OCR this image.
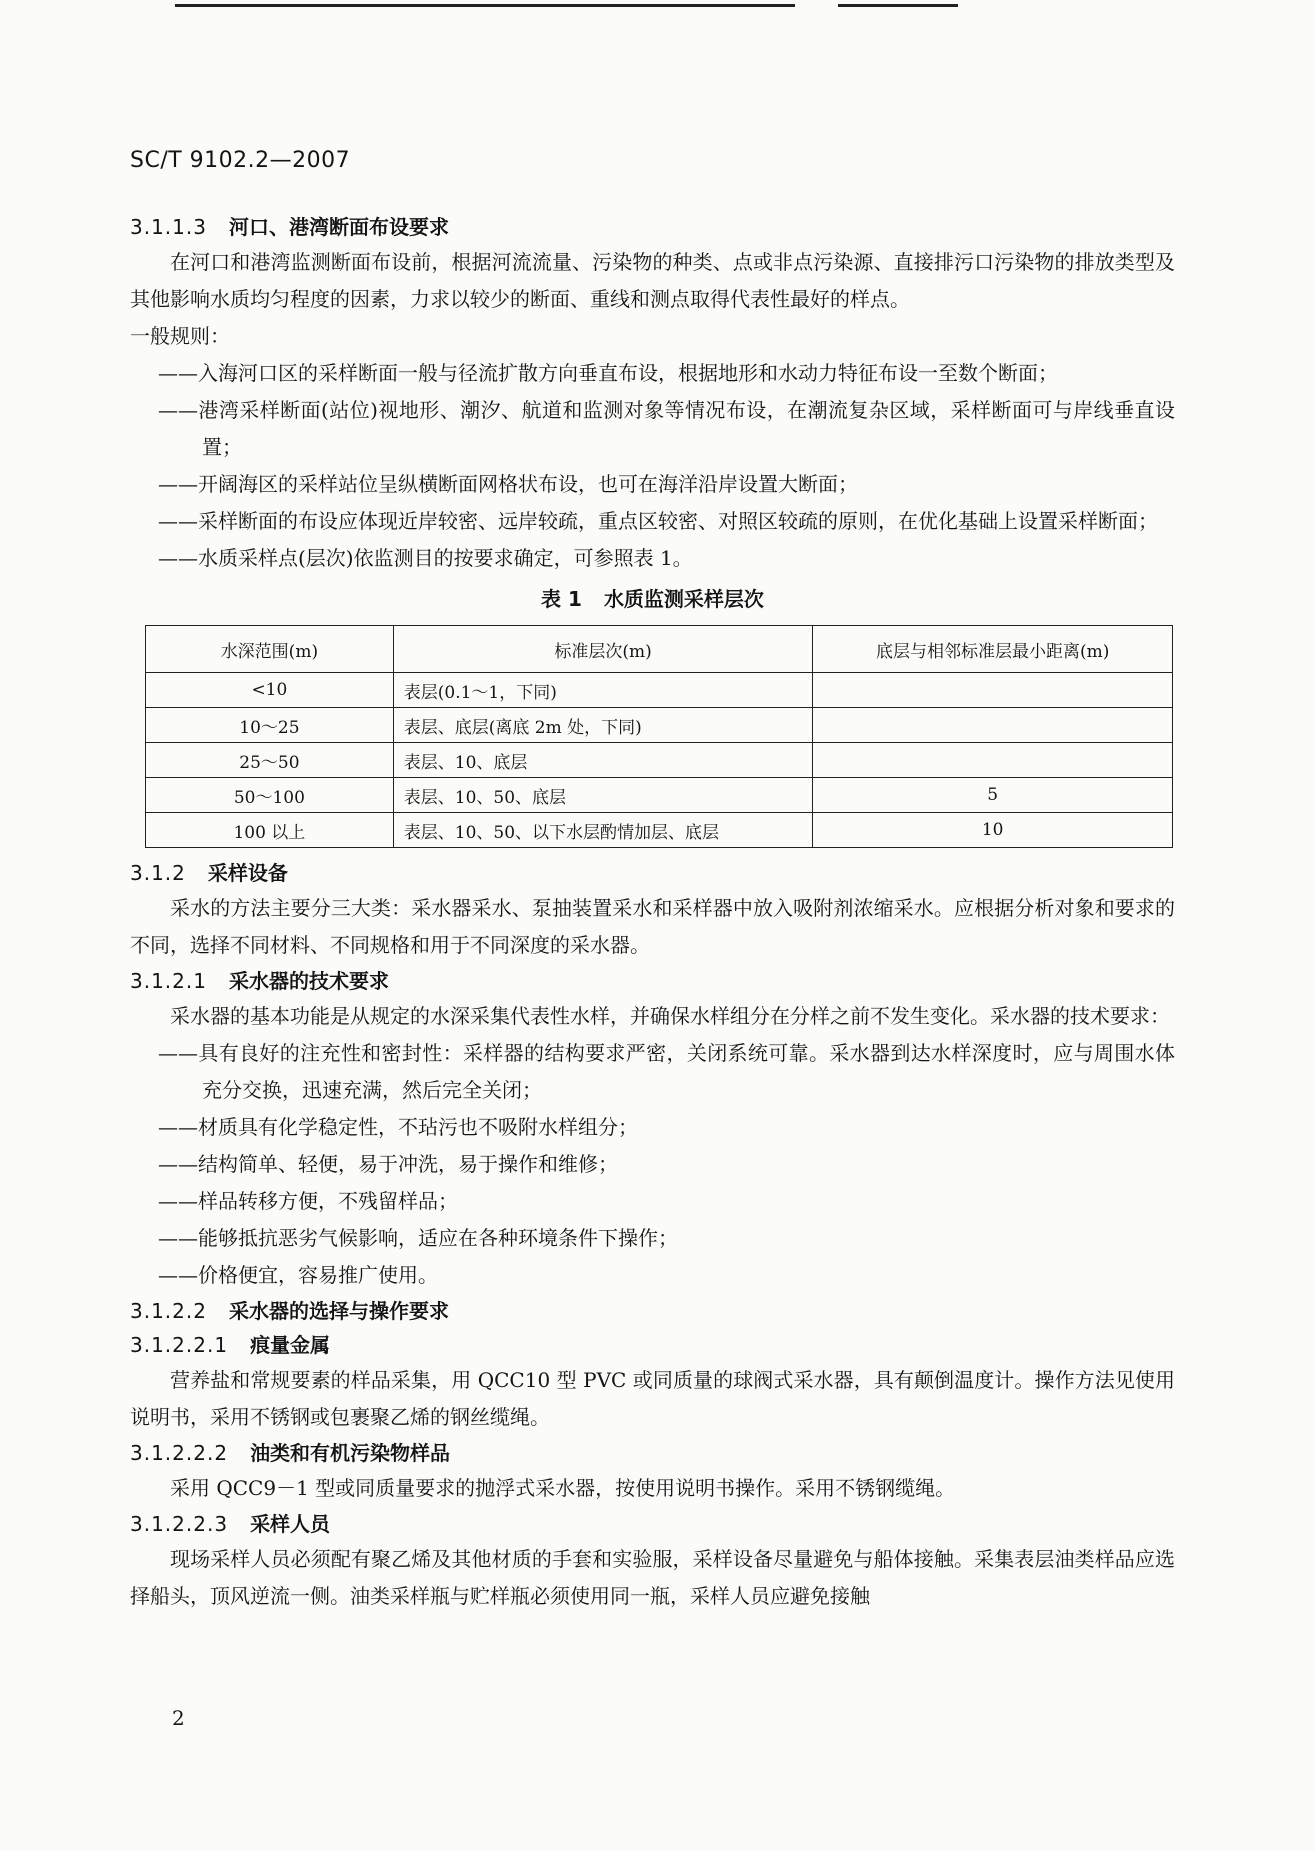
SC/T 9102.2—2007
3.1.1.3 河口、港湾断面布设要求

在河口和港湾监测断面布设前，根据河流流量、污染物的种类、点或非点污染源、直接排污口污染物的排放类型及其他影响水质均匀程度的因素，力求以较少的断面、重线和测点取得代表性最好的样点。

一般规则：

——入海河口区的采样断面一般与径流扩散方向垂直布设，根据地形和水动力特征布设一至数个断面；

——港湾采样断面(站位)视地形、潮汐、航道和监测对象等情况布设，在潮流复杂区域，采样断面可与岸线垂直设置；

——开阔海区的采样站位呈纵横断面网格状布设，也可在海洋沿岸设置大断面；

——采样断面的布设应体现近岸较密、远岸较疏，重点区较密、对照区较疏的原则，在优化基础上设置采样断面；

——水质采样点(层次)依监测目的按要求确定，可参照表 1。

表 1 水质监测采样层次
水深范围(m)	标准层次(m)	底层与相邻标准层最小距离(m)
<10	表层(0.1～1，下同)	
10～25	表层、底层(离底 2m 处，下同)	
25～50	表层、10、底层	
50～100	表层、10、50、底层	5
100 以上	表层、10、50、以下水层酌情加层、底层	10
3.1.2 采样设备

采水的方法主要分三大类：采水器采水、泵抽装置采水和采样器中放入吸附剂浓缩采水。应根据分析对象和要求的不同，选择不同材料、不同规格和用于不同深度的采水器。

3.1.2.1 采水器的技术要求

采水器的基本功能是从规定的水深采集代表性水样，并确保水样组分在分样之前不发生变化。采水器的技术要求：

——具有良好的注充性和密封性：采样器的结构要求严密，关闭系统可靠。采水器到达水样深度时，应与周围水体充分交换，迅速充满，然后完全关闭；

——材质具有化学稳定性，不玷污也不吸附水样组分；

——结构简单、轻便，易于冲洗，易于操作和维修；

——样品转移方便，不残留样品；

——能够抵抗恶劣气候影响，适应在各种环境条件下操作；

——价格便宜，容易推广使用。

3.1.2.2 采水器的选择与操作要求
3.1.2.2.1 痕量金属

营养盐和常规要素的样品采集，用 QCC10 型 PVC 或同质量的球阀式采水器，具有颠倒温度计。操作方法见使用说明书，采用不锈钢或包裹聚乙烯的钢丝缆绳。

3.1.2.2.2 油类和有机污染物样品

采用 QCC9－1 型或同质量要求的抛浮式采水器，按使用说明书操作。采用不锈钢缆绳。

3.1.2.2.3 采样人员

现场采样人员必须配有聚乙烯及其他材质的手套和实验服，采样设备尽量避免与船体接触。采集表层油类样品应选择船头，顶风逆流一侧。油类采样瓶与贮样瓶必须使用同一瓶，采样人员应避免接触

2
